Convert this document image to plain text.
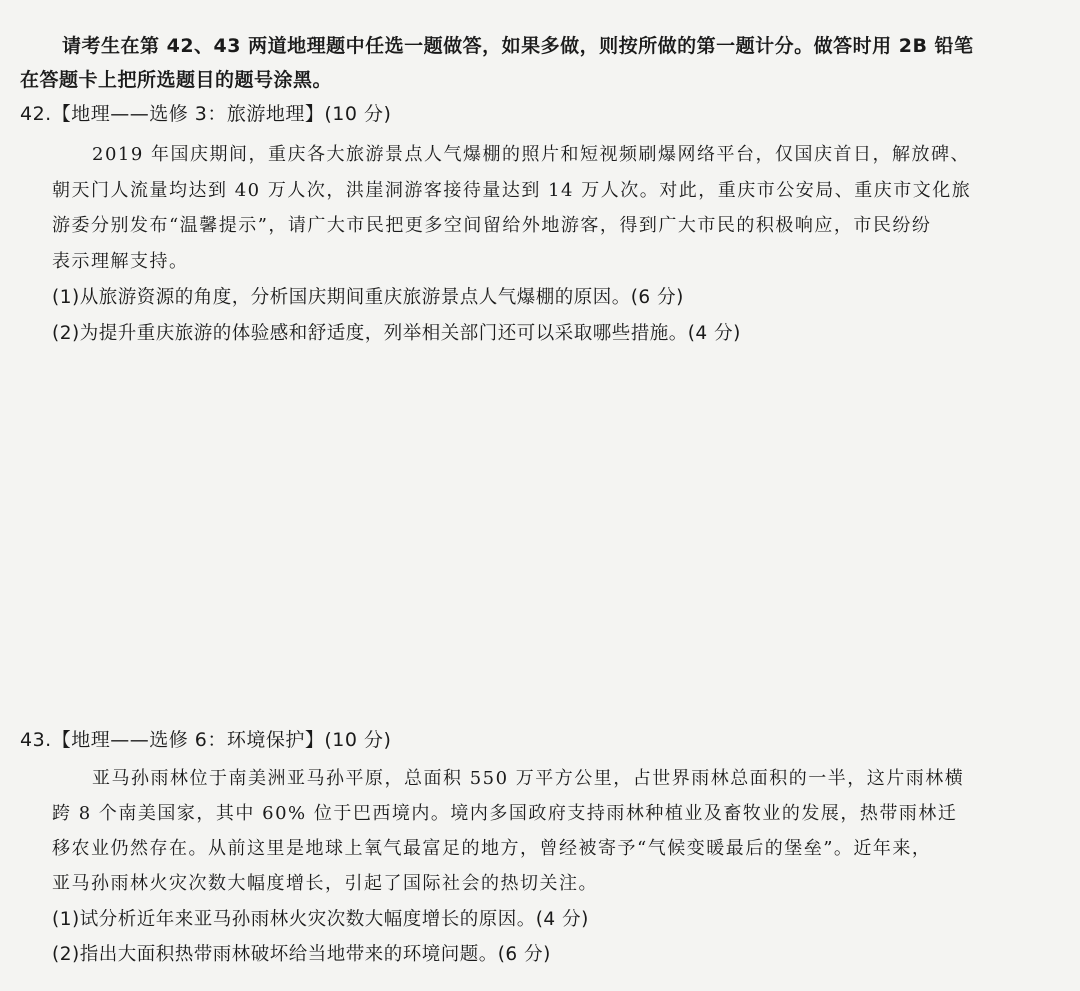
请考生在第 42、43 两道地理题中任选一题做答，如果多做，则按所做的第一题计分。做答时用 2B 铅笔
在答题卡上把所选题目的题号涂黑。
42.【地理——选修 3：旅游地理】(10 分)
2019 年国庆期间，重庆各大旅游景点人气爆棚的照片和短视频刷爆网络平台，仅国庆首日，解放碑、
朝天门人流量均达到 40 万人次，洪崖洞游客接待量达到 14 万人次。对此，重庆市公安局、重庆市文化旅
游委分别发布“温馨提示”，请广大市民把更多空间留给外地游客，得到广大市民的积极响应，市民纷纷
表示理解支持。
(1)从旅游资源的角度，分析国庆期间重庆旅游景点人气爆棚的原因。(6 分)
(2)为提升重庆旅游的体验感和舒适度，列举相关部门还可以采取哪些措施。(4 分)
43.【地理——选修 6：环境保护】(10 分)
亚马孙雨林位于南美洲亚马孙平原，总面积 550 万平方公里，占世界雨林总面积的一半，这片雨林横
跨 8 个南美国家，其中 60% 位于巴西境内。境内多国政府支持雨林种植业及畜牧业的发展，热带雨林迁
移农业仍然存在。从前这里是地球上氧气最富足的地方，曾经被寄予“气候变暖最后的堡垒”。近年来，
亚马孙雨林火灾次数大幅度增长，引起了国际社会的热切关注。
(1)试分析近年来亚马孙雨林火灾次数大幅度增长的原因。(4 分)
(2)指出大面积热带雨林破坏给当地带来的环境问题。(6 分)
